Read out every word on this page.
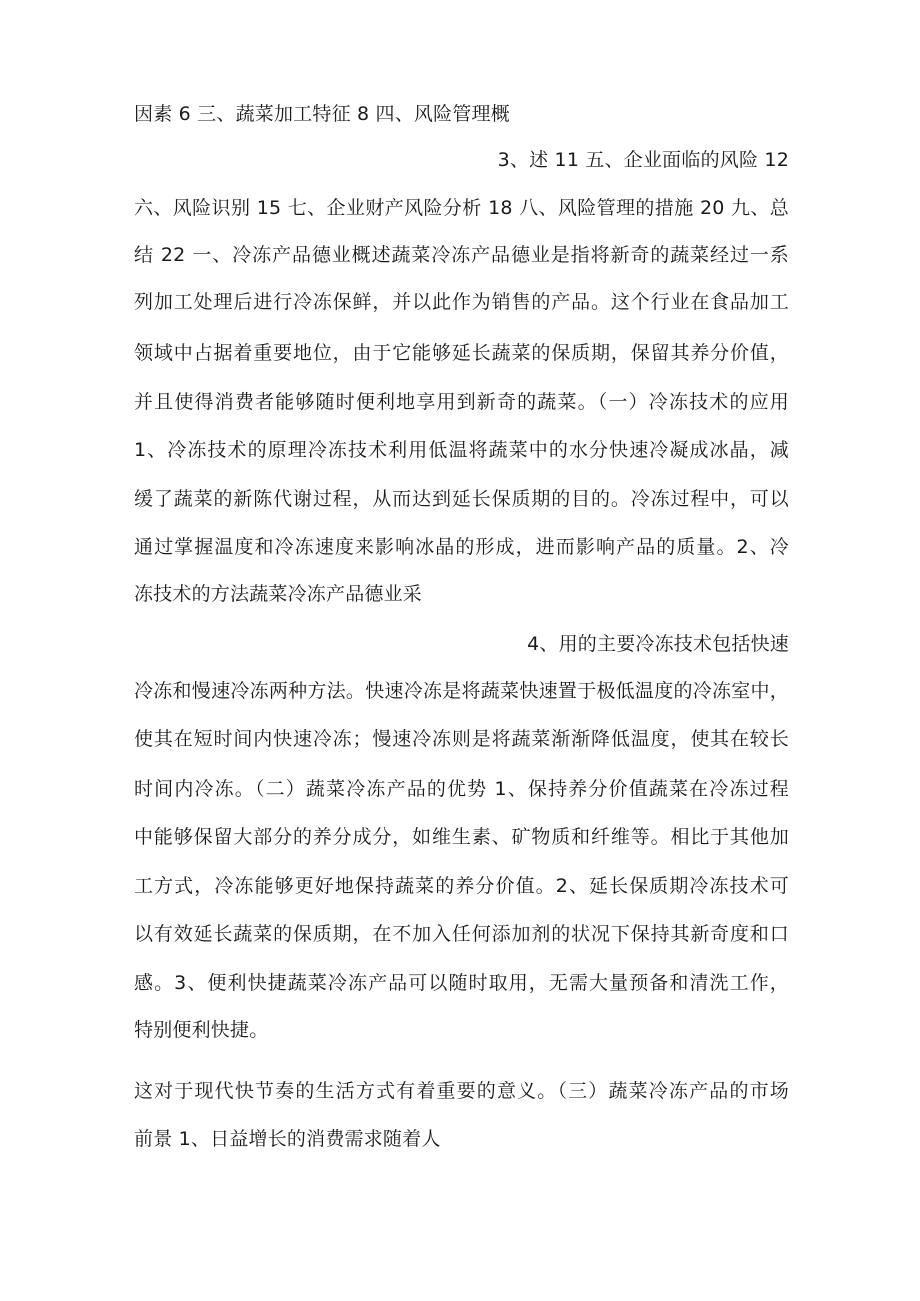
因素 6 三、蔬菜加工特征 8 四、风险管理概
3、述 11 五、企业面临的风险 12
六、风险识别 15 七、企业财产风险分析 18 八、风险管理的措施 20 九、总
结 22 一、冷冻产品德业概述蔬菜冷冻产品德业是指将新奇的蔬菜经过一系
列加工处理后进行冷冻保鲜，并以此作为销售的产品。这个行业在食品加工
领域中占据着重要地位，由于它能够延长蔬菜的保质期，保留其养分价值，
并且使得消费者能够随时便利地享用到新奇的蔬菜。（一）冷冻技术的应用
1、冷冻技术的原理冷冻技术利用低温将蔬菜中的水分快速冷凝成冰晶，减
缓了蔬菜的新陈代谢过程，从而达到延长保质期的目的。冷冻过程中，可以
通过掌握温度和冷冻速度来影响冰晶的形成，进而影响产品的质量。2、冷
冻技术的方法蔬菜冷冻产品德业采
4、用的主要冷冻技术包括快速
冷冻和慢速冷冻两种方法。快速冷冻是将蔬菜快速置于极低温度的冷冻室中，
使其在短时间内快速冷冻；慢速冷冻则是将蔬菜渐渐降低温度，使其在较长
时间内冷冻。（二）蔬菜冷冻产品的优势 1、保持养分价值蔬菜在冷冻过程
中能够保留大部分的养分成分，如维生素、矿物质和纤维等。相比于其他加
工方式，冷冻能够更好地保持蔬菜的养分价值。2、延长保质期冷冻技术可
以有效延长蔬菜的保质期，在不加入任何添加剂的状况下保持其新奇度和口
感。3、便利快捷蔬菜冷冻产品可以随时取用，无需大量预备和清洗工作，
特别便利快捷。
这对于现代快节奏的生活方式有着重要的意义。（三）蔬菜冷冻产品的市场
前景 1、日益增长的消费需求随着人
